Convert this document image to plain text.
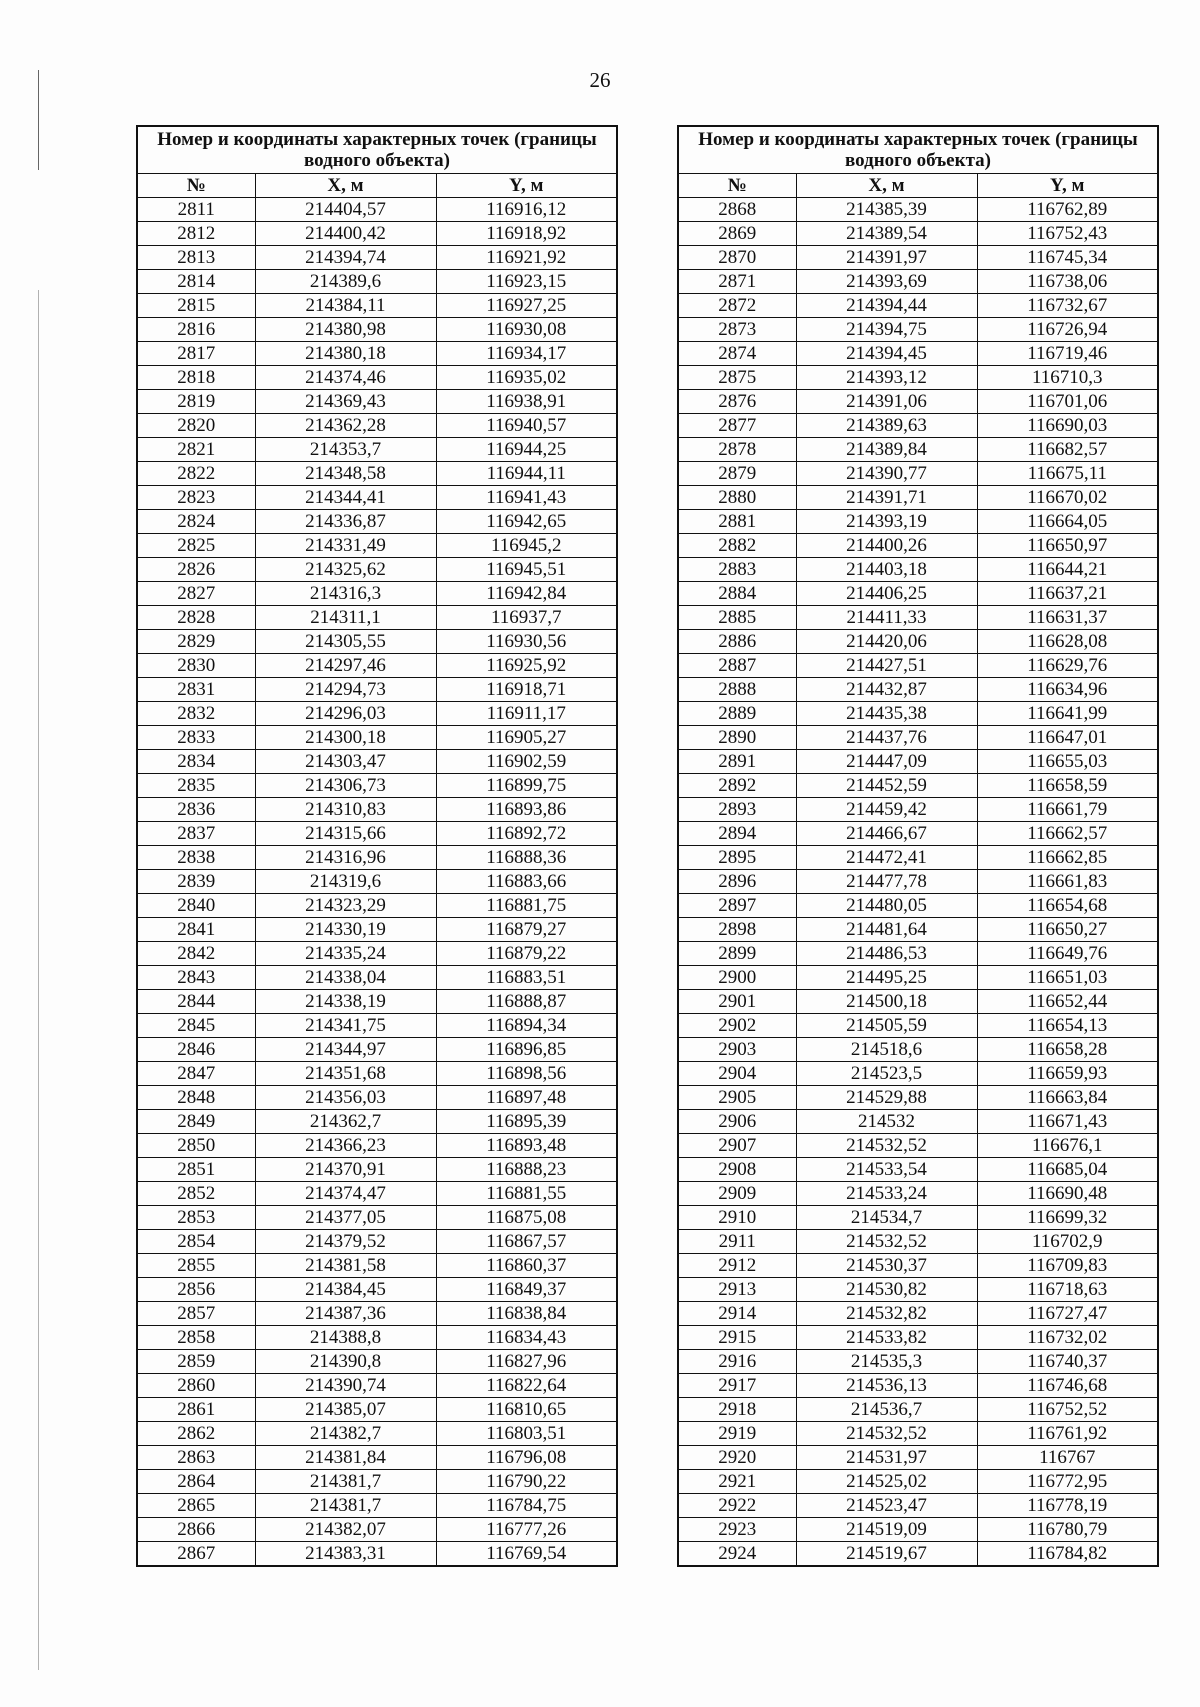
26
Номер и координаты характерных точек (границы водного объекта)		
№	X, м	Y, м
2811	214404,57	116916,12
2812	214400,42	116918,92
2813	214394,74	116921,92
2814	214389,6	116923,15
2815	214384,11	116927,25
2816	214380,98	116930,08
2817	214380,18	116934,17
2818	214374,46	116935,02
2819	214369,43	116938,91
2820	214362,28	116940,57
2821	214353,7	116944,25
2822	214348,58	116944,11
2823	214344,41	116941,43
2824	214336,87	116942,65
2825	214331,49	116945,2
2826	214325,62	116945,51
2827	214316,3	116942,84
2828	214311,1	116937,7
2829	214305,55	116930,56
2830	214297,46	116925,92
2831	214294,73	116918,71
2832	214296,03	116911,17
2833	214300,18	116905,27
2834	214303,47	116902,59
2835	214306,73	116899,75
2836	214310,83	116893,86
2837	214315,66	116892,72
2838	214316,96	116888,36
2839	214319,6	116883,66
2840	214323,29	116881,75
2841	214330,19	116879,27
2842	214335,24	116879,22
2843	214338,04	116883,51
2844	214338,19	116888,87
2845	214341,75	116894,34
2846	214344,97	116896,85
2847	214351,68	116898,56
2848	214356,03	116897,48
2849	214362,7	116895,39
2850	214366,23	116893,48
2851	214370,91	116888,23
2852	214374,47	116881,55
2853	214377,05	116875,08
2854	214379,52	116867,57
2855	214381,58	116860,37
2856	214384,45	116849,37
2857	214387,36	116838,84
2858	214388,8	116834,43
2859	214390,8	116827,96
2860	214390,74	116822,64
2861	214385,07	116810,65
2862	214382,7	116803,51
2863	214381,84	116796,08
2864	214381,7	116790,22
2865	214381,7	116784,75
2866	214382,07	116777,26
2867	214383,31	116769,54
Номер и координаты характерных точек (границы водного объекта)		
№	X, м	Y, м
2868	214385,39	116762,89
2869	214389,54	116752,43
2870	214391,97	116745,34
2871	214393,69	116738,06
2872	214394,44	116732,67
2873	214394,75	116726,94
2874	214394,45	116719,46
2875	214393,12	116710,3
2876	214391,06	116701,06
2877	214389,63	116690,03
2878	214389,84	116682,57
2879	214390,77	116675,11
2880	214391,71	116670,02
2881	214393,19	116664,05
2882	214400,26	116650,97
2883	214403,18	116644,21
2884	214406,25	116637,21
2885	214411,33	116631,37
2886	214420,06	116628,08
2887	214427,51	116629,76
2888	214432,87	116634,96
2889	214435,38	116641,99
2890	214437,76	116647,01
2891	214447,09	116655,03
2892	214452,59	116658,59
2893	214459,42	116661,79
2894	214466,67	116662,57
2895	214472,41	116662,85
2896	214477,78	116661,83
2897	214480,05	116654,68
2898	214481,64	116650,27
2899	214486,53	116649,76
2900	214495,25	116651,03
2901	214500,18	116652,44
2902	214505,59	116654,13
2903	214518,6	116658,28
2904	214523,5	116659,93
2905	214529,88	116663,84
2906	214532	116671,43
2907	214532,52	116676,1
2908	214533,54	116685,04
2909	214533,24	116690,48
2910	214534,7	116699,32
2911	214532,52	116702,9
2912	214530,37	116709,83
2913	214530,82	116718,63
2914	214532,82	116727,47
2915	214533,82	116732,02
2916	214535,3	116740,37
2917	214536,13	116746,68
2918	214536,7	116752,52
2919	214532,52	116761,92
2920	214531,97	116767
2921	214525,02	116772,95
2922	214523,47	116778,19
2923	214519,09	116780,79
2924	214519,67	116784,82
